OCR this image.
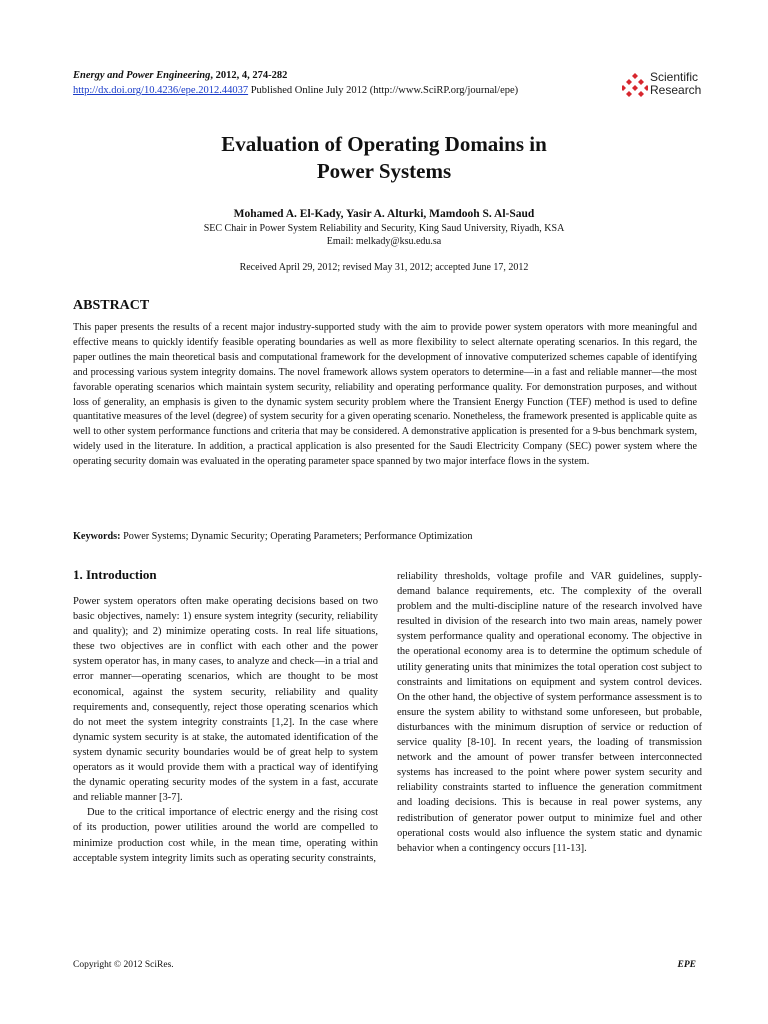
Energy and Power Engineering, 2012, 4, 274-282
http://dx.doi.org/10.4236/epe.2012.44037 Published Online July 2012 (http://www.SciRP.org/journal/epe)
Scientific
Research
Evaluation of Operating Domains in
Power Systems
Mohamed A. El-Kady, Yasir A. Alturki, Mamdooh S. Al-Saud
SEC Chair in Power System Reliability and Security, King Saud University, Riyadh, KSA
Email: melkady@ksu.edu.sa
Received April 29, 2012; revised May 31, 2012; accepted June 17, 2012
ABSTRACT
This paper presents the results of a recent major industry-supported study with the aim to provide power system operators with more meaningful and effective means to quickly identify feasible operating boundaries as well as more flexibility to select alternate operating scenarios. In this regard, the paper outlines the main theoretical basis and computational framework for the development of innovative computerized schemes capable of identifying and processing various system integrity domains. The novel framework allows system operators to determine—in a fast and reliable manner—the most favorable operating scenarios which maintain system security, reliability and operating performance quality. For demonstration purposes, and without loss of generality, an emphasis is given to the dynamic system security problem where the Transient Energy Function (TEF) method is used to define quantitative measures of the level (degree) of system security for a given operating scenario. Nonetheless, the framework presented is applicable quite as well to other system performance functions and criteria that may be considered. A demonstrative application is presented for a 9-bus benchmark system, widely used in the literature. In addition, a practical application is also presented for the Saudi Electricity Company (SEC) power system where the operating security domain was evaluated in the operating parameter space spanned by two major interface flows in the system.
Keywords: Power Systems; Dynamic Security; Operating Parameters; Performance Optimization
1. Introduction

Power system operators often make operating decisions based on two basic objectives, namely: 1) ensure system integrity (security, reliability and quality); and 2) minimize operating costs. In real life situations, these two objectives are in conflict with each other and the power system operator has, in many cases, to analyze and check—in a trial and error manner—operating scenarios, which are thought to be most economical, against the system security, reliability and quality requirements and, consequently, reject those operating scenarios which do not meet the system integrity constraints [1,2]. In the case where dynamic system security is at stake, the automated identification of the system dynamic security boundaries would be of great help to system operators as it would provide them with a practical way of identifying the dynamic operating security modes of the system in a fast, accurate and reliable manner [3-7].

Due to the critical importance of electric energy and the rising cost of its production, power utilities around the world are compelled to minimize production cost while, in the mean time, operating within acceptable system integrity limits such as operating security constraints,

reliability thresholds, voltage profile and VAR guidelines, supply-demand balance requirements, etc. The complexity of the overall problem and the multi-discipline nature of the research involved have resulted in division of the research into two main areas, namely power system performance quality and operational economy. The objective in the operational economy area is to determine the optimum schedule of utility generating units that minimizes the total operation cost subject to constraints and limitations on equipment and system control devices. On the other hand, the objective of system performance assessment is to ensure the system ability to withstand some unforeseen, but probable, disturbances with the minimum disruption of service or reduction of service quality [8-10]. In recent years, the loading of transmission network and the amount of power transfer between interconnected systems has increased to the point where power system security and reliability constraints started to influence the generation commitment and loading decisions. This is because in real power systems, any redistribution of generator power output to minimize fuel and other operational costs would also influence the system static and dynamic behavior when a contingency occurs [11-13].

Copyright © 2012 SciRes.	EPE
